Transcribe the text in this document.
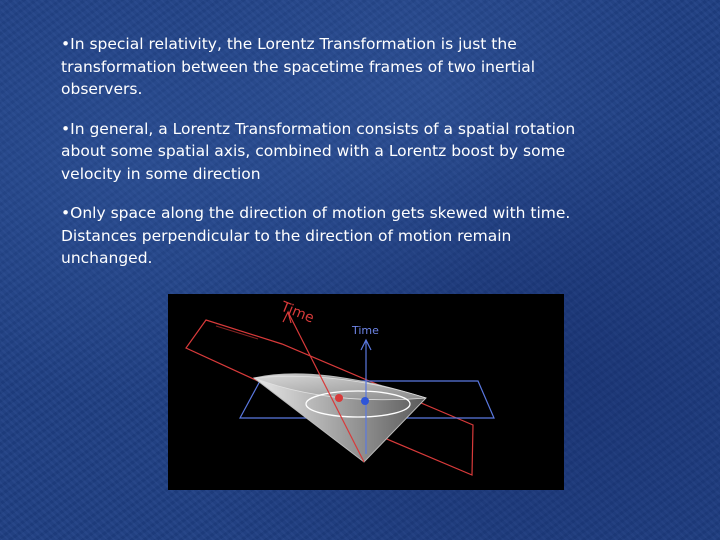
•In special relativity, the Lorentz Transformation is just the
transformation between the spacetime frames of two inertial
observers.

•In general, a Lorentz Transformation consists of a spatial rotation
about some spatial axis, combined with a Lorentz boost by some
velocity in some direction

•Only space along the direction of motion gets skewed with time.
Distances perpendicular to the direction of motion remain
unchanged.

Time
Time
